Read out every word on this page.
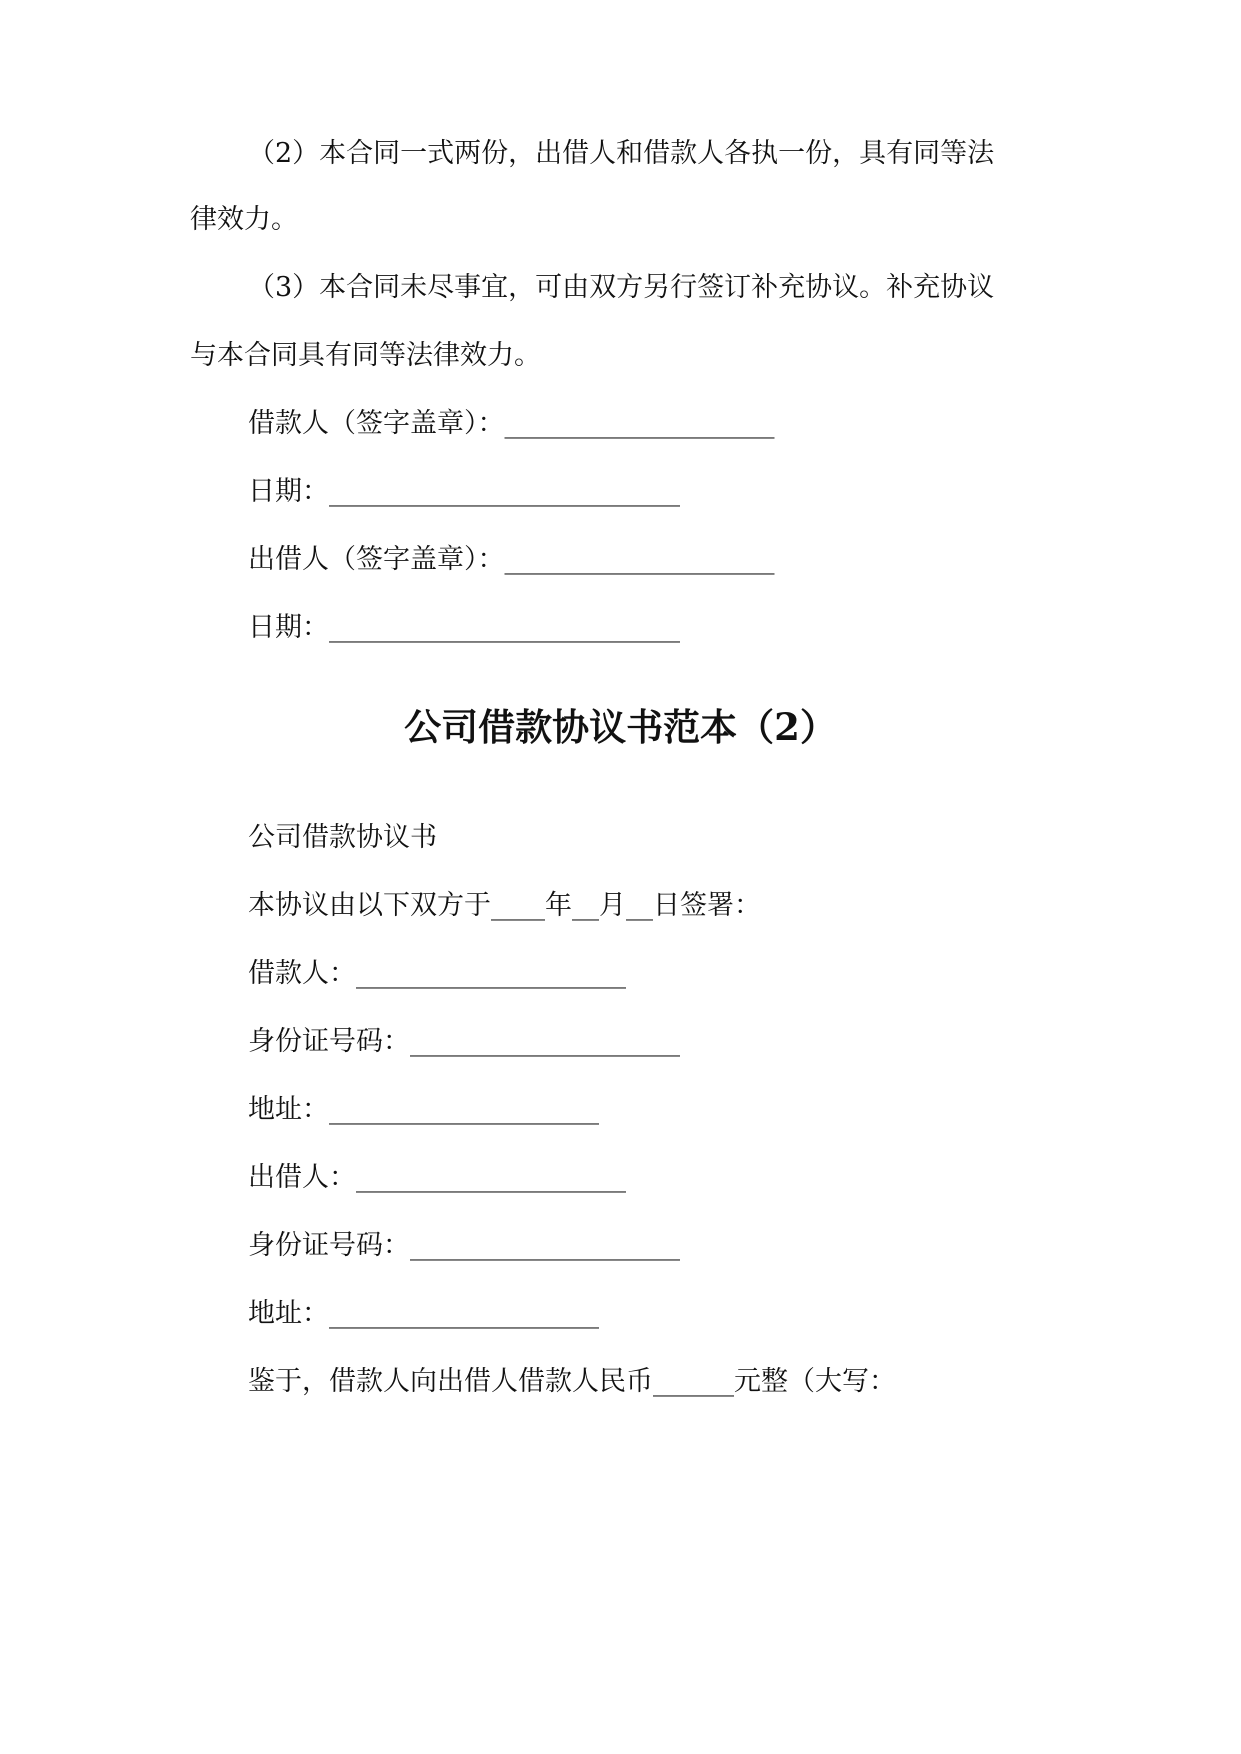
（2）本合同一式两份，出借人和借款人各执一份，具有同等法
律效力。
（3）本合同未尽事宜，可由双方另行签订补充协议。补充协议
与本合同具有同等法律效力。
借款人（签字盖章）：____________________
日期：__________________________
出借人（签字盖章）：____________________
日期：__________________________
公司借款协议书范本（2）
公司借款协议书
本协议由以下双方于____年__月__日签署：
借款人：____________________
身份证号码：____________________
地址：____________________
出借人：____________________
身份证号码：____________________
地址：____________________
鉴于，借款人向出借人借款人民币______元整（大写：
